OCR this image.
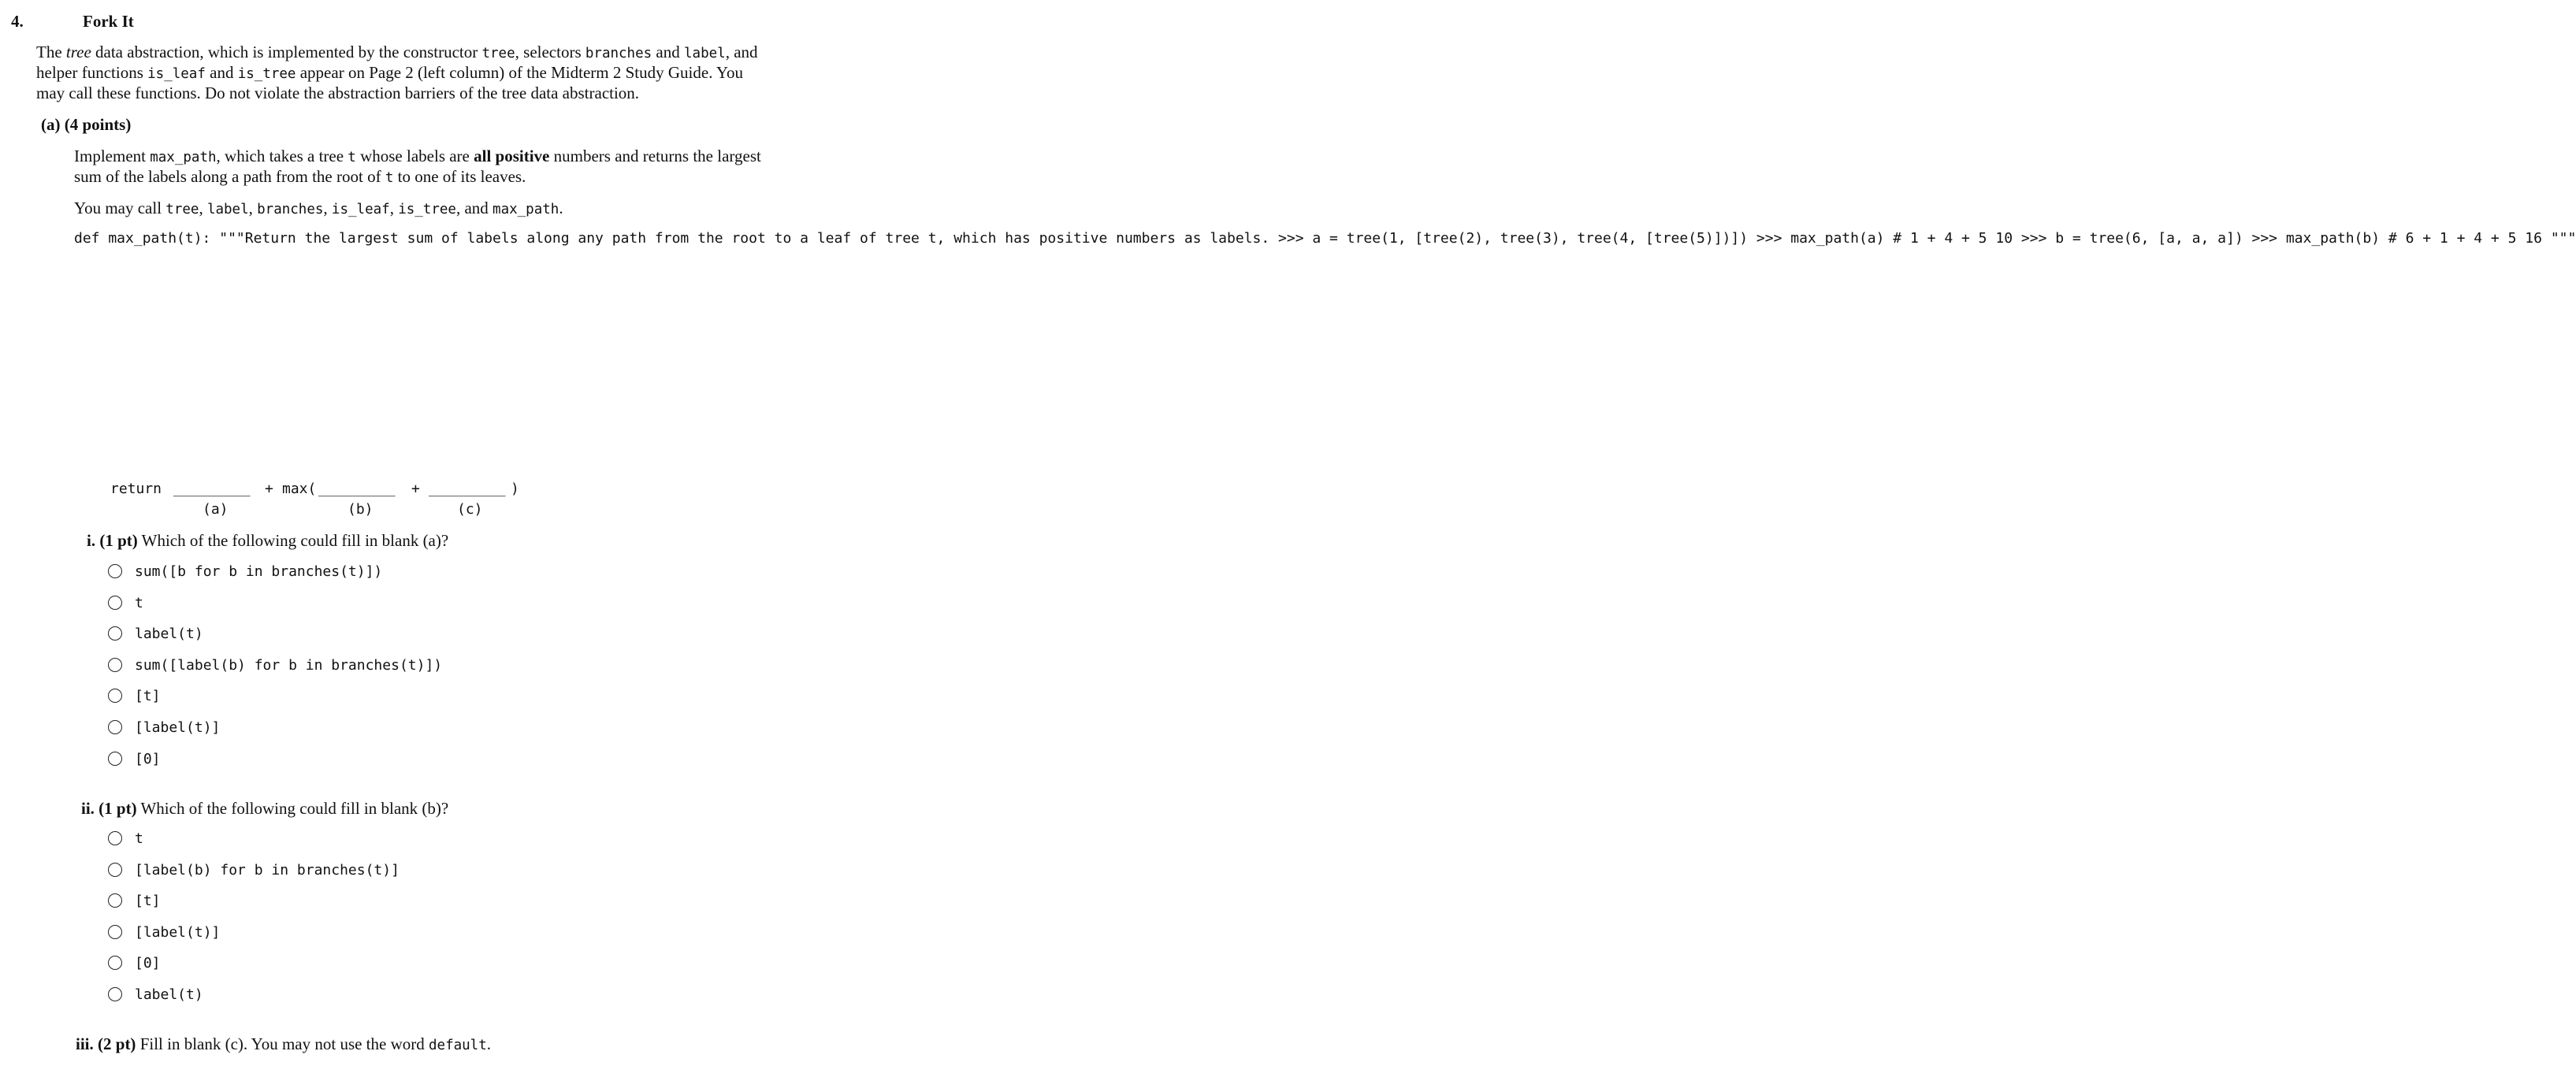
4.	Fork It
The tree data abstraction, which is implemented by the constructor tree, selectors branches and label, and
helper functions is_leaf and is_tree appear on Page 2 (left column) of the Midterm 2 Study Guide. You
may call these functions. Do not violate the abstraction barriers of the tree data abstraction.
(a) (4 points)
Implement max_path, which takes a tree t whose labels are all positive numbers and returns the largest
sum of the labels along a path from the root of t to one of its leaves.
You may call tree, label, branches, is_leaf, is_tree, and max_path.
def max_path(t): """Return the largest sum of labels along any path from the root to a leaf of tree t, which has positive numbers as labels. >>> a = tree(1, [tree(2), tree(3), tree(4, [tree(5)])]) >>> max_path(a) # 1 + 4 + 5 10 >>> b = tree(6, [a, a, a]) >>> max_path(b) # 6 + 1 + 4 + 5 16 """
return _________ + max( _________ + _________ )
(a)	(b)	(c)
i. (1 pt) Which of the following could fill in blank (a)?
sum([b for b in branches(t)])
t
label(t)
sum([label(b) for b in branches(t)])
[t]
[label(t)]
[0]
ii. (1 pt) Which of the following could fill in blank (b)?
t
[label(b) for b in branches(t)]
[t]
[label(t)]
[0]
label(t)
iii. (2 pt) Fill in blank (c). You may not use the word default.
